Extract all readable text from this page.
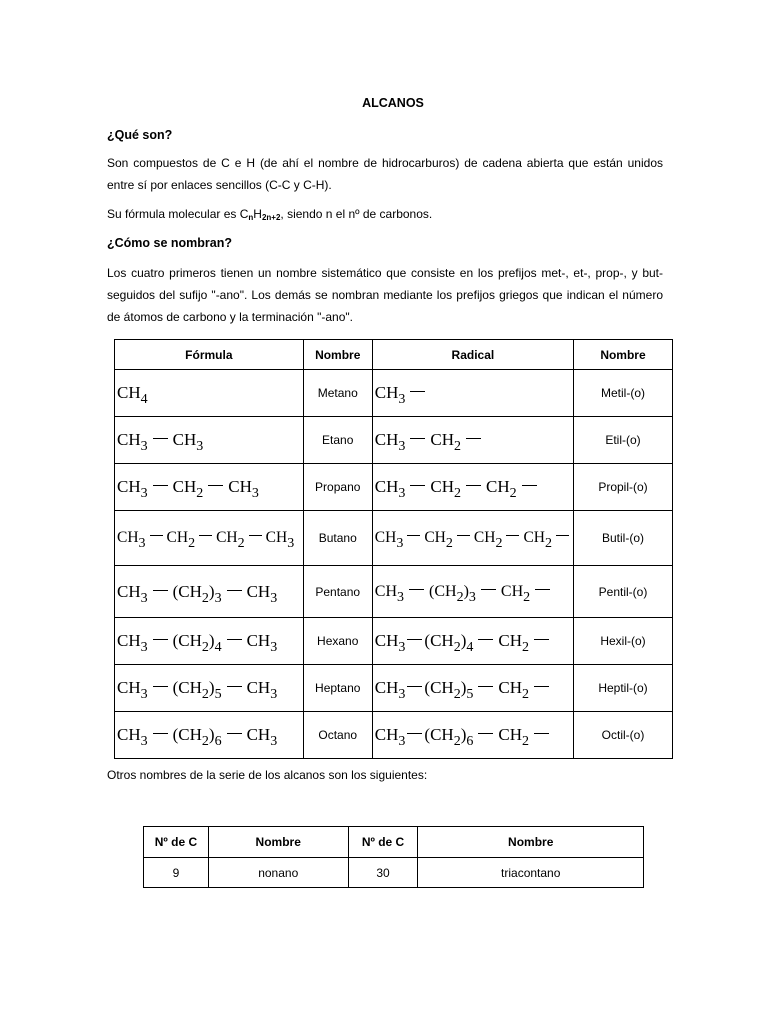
ALCANOS
¿Qué son?
Son compuestos de C e H (de ahí el nombre de hidrocarburos) de cadena abierta que están unidos
entre sí por enlaces sencillos (C-C y C-H).
Su fórmula molecular es CnH2n+2, siendo n el nº de carbonos.
¿Cómo se nombran?
Los cuatro primeros tienen un nombre sistemático que consiste en los prefijos met-, et-, prop-, y but-
seguidos del sufijo "-ano". Los demás se nombran mediante los prefijos griegos que indican el número
de átomos de carbono y la terminación "-ano".
Fórmula	Nombre	Radical	Nombre
$CH_4$	Metano	$CH_3$	Metil-(o)
$CH_3$ $CH_3$	Etano	$CH_3$ $CH_2$	Etil-(o)
$CH_3$ $CH_2$ $CH_3$	Propano	$CH_3$ $CH_2$ $CH_2$	Propil-(o)
$CH_3$ $CH_2$ $CH_2$ $CH_3$	Butano	$CH_3$ $CH_2$ $CH_2$ $CH_2$	Butil-(o)
$CH_3$ $(CH_2)_3$ $CH_3$	Pentano	$CH_3$ $(CH_2)_3$ $CH_2$	Pentil-(o)
$CH_3$ $(CH_2)_4$ $CH_3$	Hexano	$CH_3$ $(CH_2)_4$ $CH_2$	Hexil-(o)
$CH_3$ $(CH_2)_5$ $CH_3$	Heptano	$CH_3$ $(CH_2)_5$ $CH_2$	Heptil-(o)
$CH_3$ $(CH_2)_6$ $CH_3$	Octano	$CH_3$ $(CH_2)_6$ $CH_2$	Octil-(o)
Otros nombres de la serie de los alcanos son los siguientes:
Nº de C	Nombre	Nº de C	Nombre
9	nonano	30	triacontano
